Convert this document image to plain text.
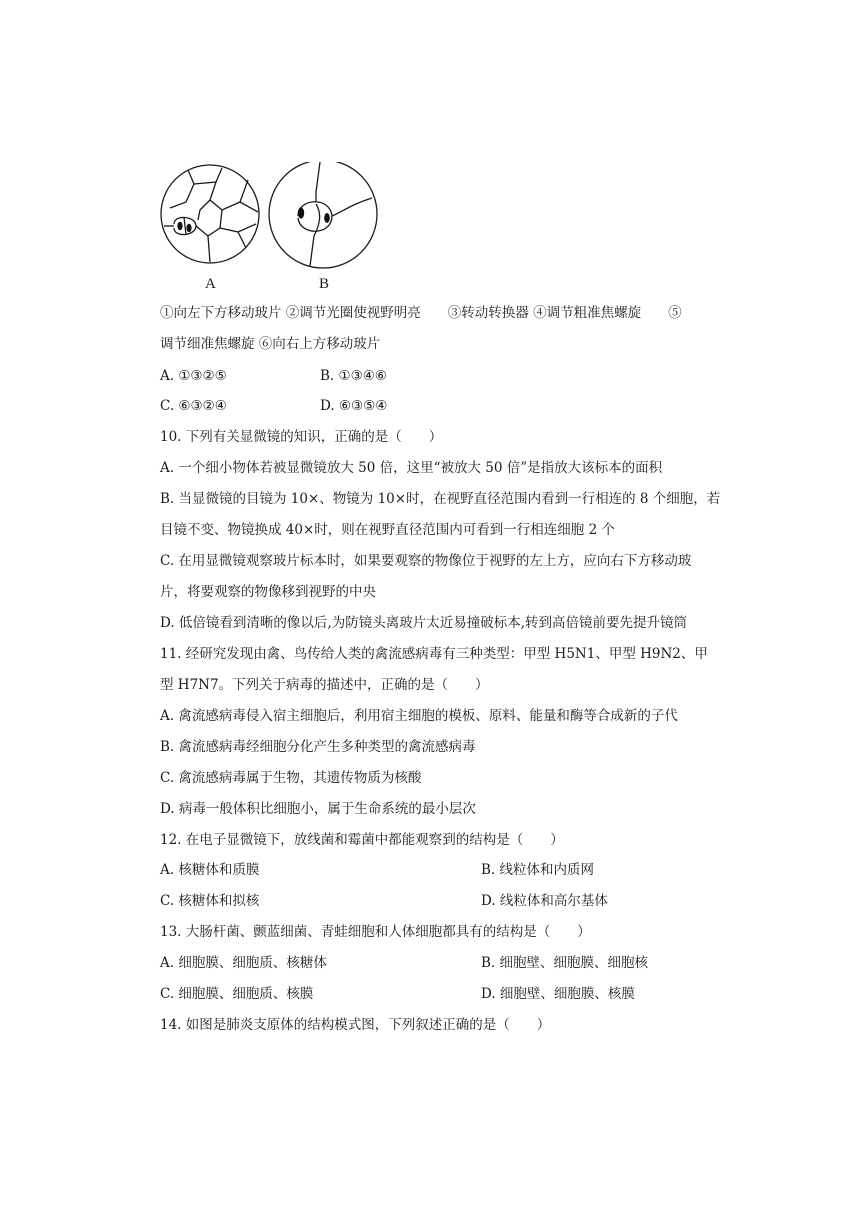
A	B
①向左下方移动玻片 ②调节光圈使视野明亮　　③转动转换器 ④调节粗准焦螺旋　　⑤
调节细准焦螺旋 ⑥向右上方移动玻片
A. ①③②⑤	B. ①③④⑥
C. ⑥③②④	D. ⑥③⑤④
10. 下列有关显微镜的知识，正确的是（　　）
A. 一个细小物体若被显微镜放大 50 倍，这里“被放大 50 倍”是指放大该标本的面积
B. 当显微镜的目镜为 10×、物镜为 10×时，在视野直径范围内看到一行相连的 8 个细胞，若
目镜不变、物镜换成 40×时，则在视野直径范围内可看到一行相连细胞 2 个
C. 在用显微镜观察玻片标本时，如果要观察的物像位于视野的左上方，应向右下方移动玻
片，将要观察的物像移到视野的中央
D. 低倍镜看到清晰的像以后,为防镜头离玻片太近易撞破标本,转到高倍镜前要先提升镜筒
11. 经研究发现由禽、鸟传给人类的禽流感病毒有三种类型：甲型 H5N1、甲型 H9N2、甲
型 H7N7。下列关于病毒的描述中，正确的是（　　）
A. 禽流感病毒侵入宿主细胞后，利用宿主细胞的模板、原料、能量和酶等合成新的子代
B. 禽流感病毒经细胞分化产生多种类型的禽流感病毒
C. 禽流感病毒属于生物，其遗传物质为核酸
D. 病毒一般体积比细胞小，属于生命系统的最小层次
12. 在电子显微镜下，放线菌和霉菌中都能观察到的结构是（　　）
A. 核糖体和质膜	B. 线粒体和内质网
C. 核糖体和拟核	D. 线粒体和高尔基体
13. 大肠杆菌、颤蓝细菌、青蛙细胞和人体细胞都具有的结构是（　　）
A. 细胞膜、细胞质、核糖体	B. 细胞壁、细胞膜、细胞核
C. 细胞膜、细胞质、核膜	D. 细胞壁、细胞膜、核膜
14. 如图是肺炎支原体的结构模式图，下列叙述正确的是（　　）
